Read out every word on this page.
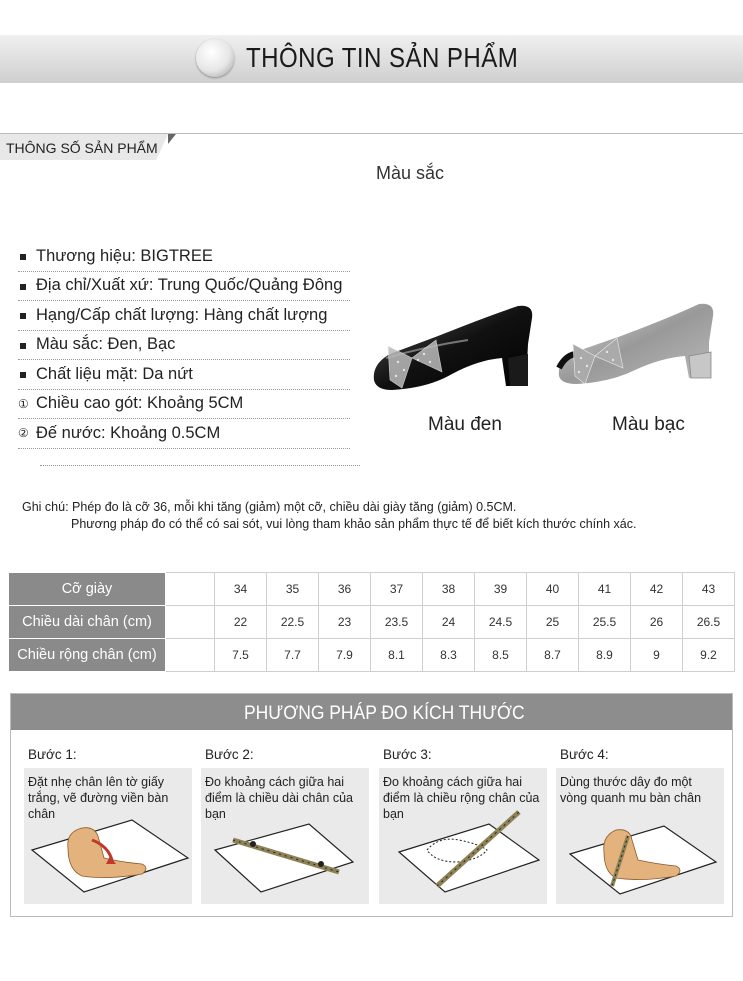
THÔNG TIN SẢN PHẨM
THÔNG SỐ SẢN PHẨM
Màu sắc
Thương hiệu: BIGTREE
Địa chỉ/Xuất xứ: Trung Quốc/Quảng Đông
Hạng/Cấp chất lượng: Hàng chất lượng
Màu sắc: Đen, Bạc
Chất liệu mặt: Da nứt
① Chiều cao gót: Khoảng 5CM
② Đế nước: Khoảng 0.5CM	Màu đen	Màu bạc
Ghi chú: Phép đo là cỡ 36, mỗi khi tăng (giảm) một cỡ, chiều dài giày tăng (giảm) 0.5CM.
Phương pháp đo có thể có sai sót, vui lòng tham khảo sản phẩm thực tế để biết kích thước chính xác.
Cỡ giày		34	35	36	37	38	39	40	41	42	43
Chiều dài chân (cm)		22	22.5	23	23.5	24	24.5	25	25.5	26	26.5
Chiều rộng chân (cm)		7.5	7.7	7.9	8.1	8.3	8.5	8.7	8.9	9	9.2
PHƯƠNG PHÁP ĐO KÍCH THƯỚC
Bước 1:
Đặt nhẹ chân lên tờ giấy trắng, vẽ đường viền bàn chân
Bước 2:
Đo khoảng cách giữa hai điểm là chiều dài chân của bạn
Bước 3:
Đo khoảng cách giữa hai điểm là chiều rộng chân của bạn
Bước 4:
Dùng thước dây đo một vòng quanh mu bàn chân
